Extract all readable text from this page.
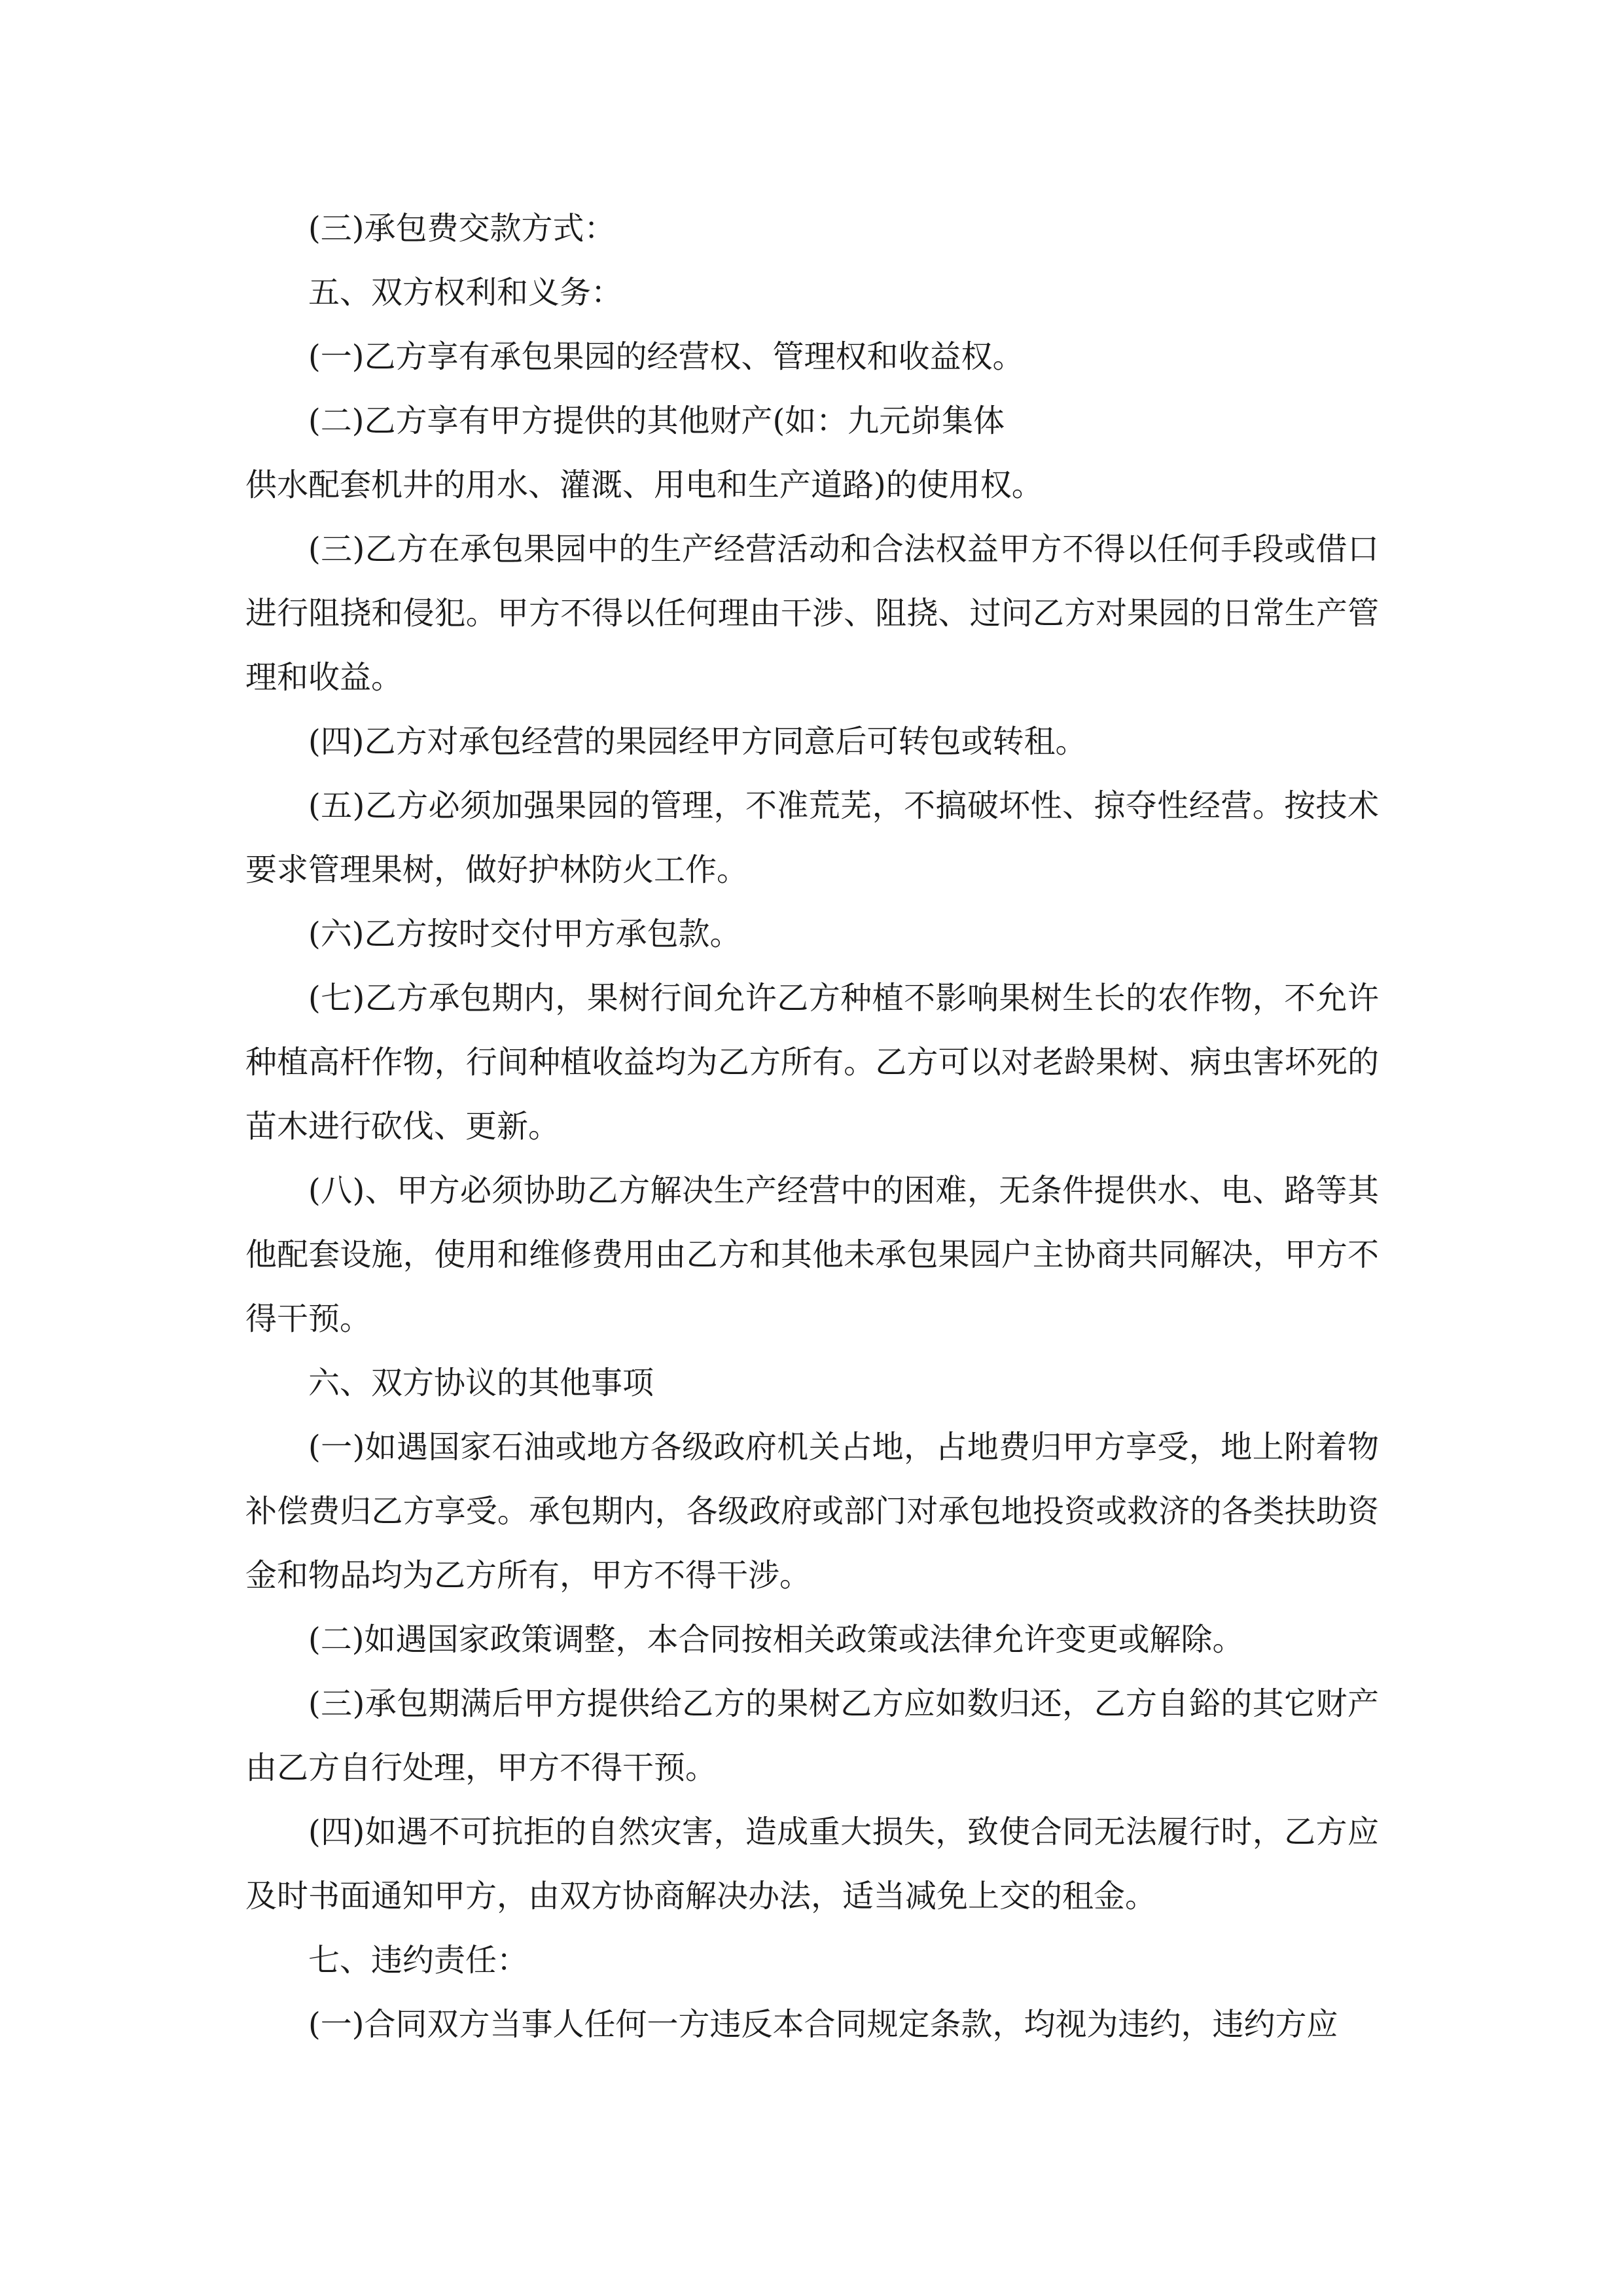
(三)承包费交款方式：

五、双方权利和义务：

(一)乙方享有承包果园的经营权、管理权和收益权。

(二)乙方享有甲方提供的其他财产(如：九元峁集体

供水配套机井的用水、灌溉、用电和生产道路)的使用权。

(三)乙方在承包果园中的生产经营活动和合法权益甲方不得以任何手段或借口进行阻挠和侵犯。甲方不得以任何理由干涉、阻挠、过问乙方对果园的日常生产管理和收益。

(四)乙方对承包经营的果园经甲方同意后可转包或转租。

(五)乙方必须加强果园的管理，不准荒芜，不搞破坏性、掠夺性经营。按技术要求管理果树，做好护林防火工作。

(六)乙方按时交付甲方承包款。

(七)乙方承包期内，果树行间允许乙方种植不影响果树生长的农作物，不允许种植高杆作物，行间种植收益均为乙方所有。乙方可以对老龄果树、病虫害坏死的苗木进行砍伐、更新。

(八)、甲方必须协助乙方解决生产经营中的困难，无条件提供水、电、路等其他配套设施，使用和维修费用由乙方和其他未承包果园户主协商共同解决，甲方不得干预。

六、双方协议的其他事项

(一)如遇国家石油或地方各级政府机关占地，占地费归甲方享受，地上附着物补偿费归乙方享受。承包期内，各级政府或部门对承包地投资或救济的各类扶助资金和物品均为乙方所有，甲方不得干涉。

(二)如遇国家政策调整，本合同按相关政策或法律允许变更或解除。

(三)承包期满后甲方提供给乙方的果树乙方应如数归还，乙方自鋊的其它财产由乙方自行处理，甲方不得干预。

(四)如遇不可抗拒的自然灾害，造成重大损失，致使合同无法履行时，乙方应及时书面通知甲方，由双方协商解决办法，适当减免上交的租金。

七、违约责任：

(一)合同双方当事人任何一方违反本合同规定条款，均视为违约，违约方应
